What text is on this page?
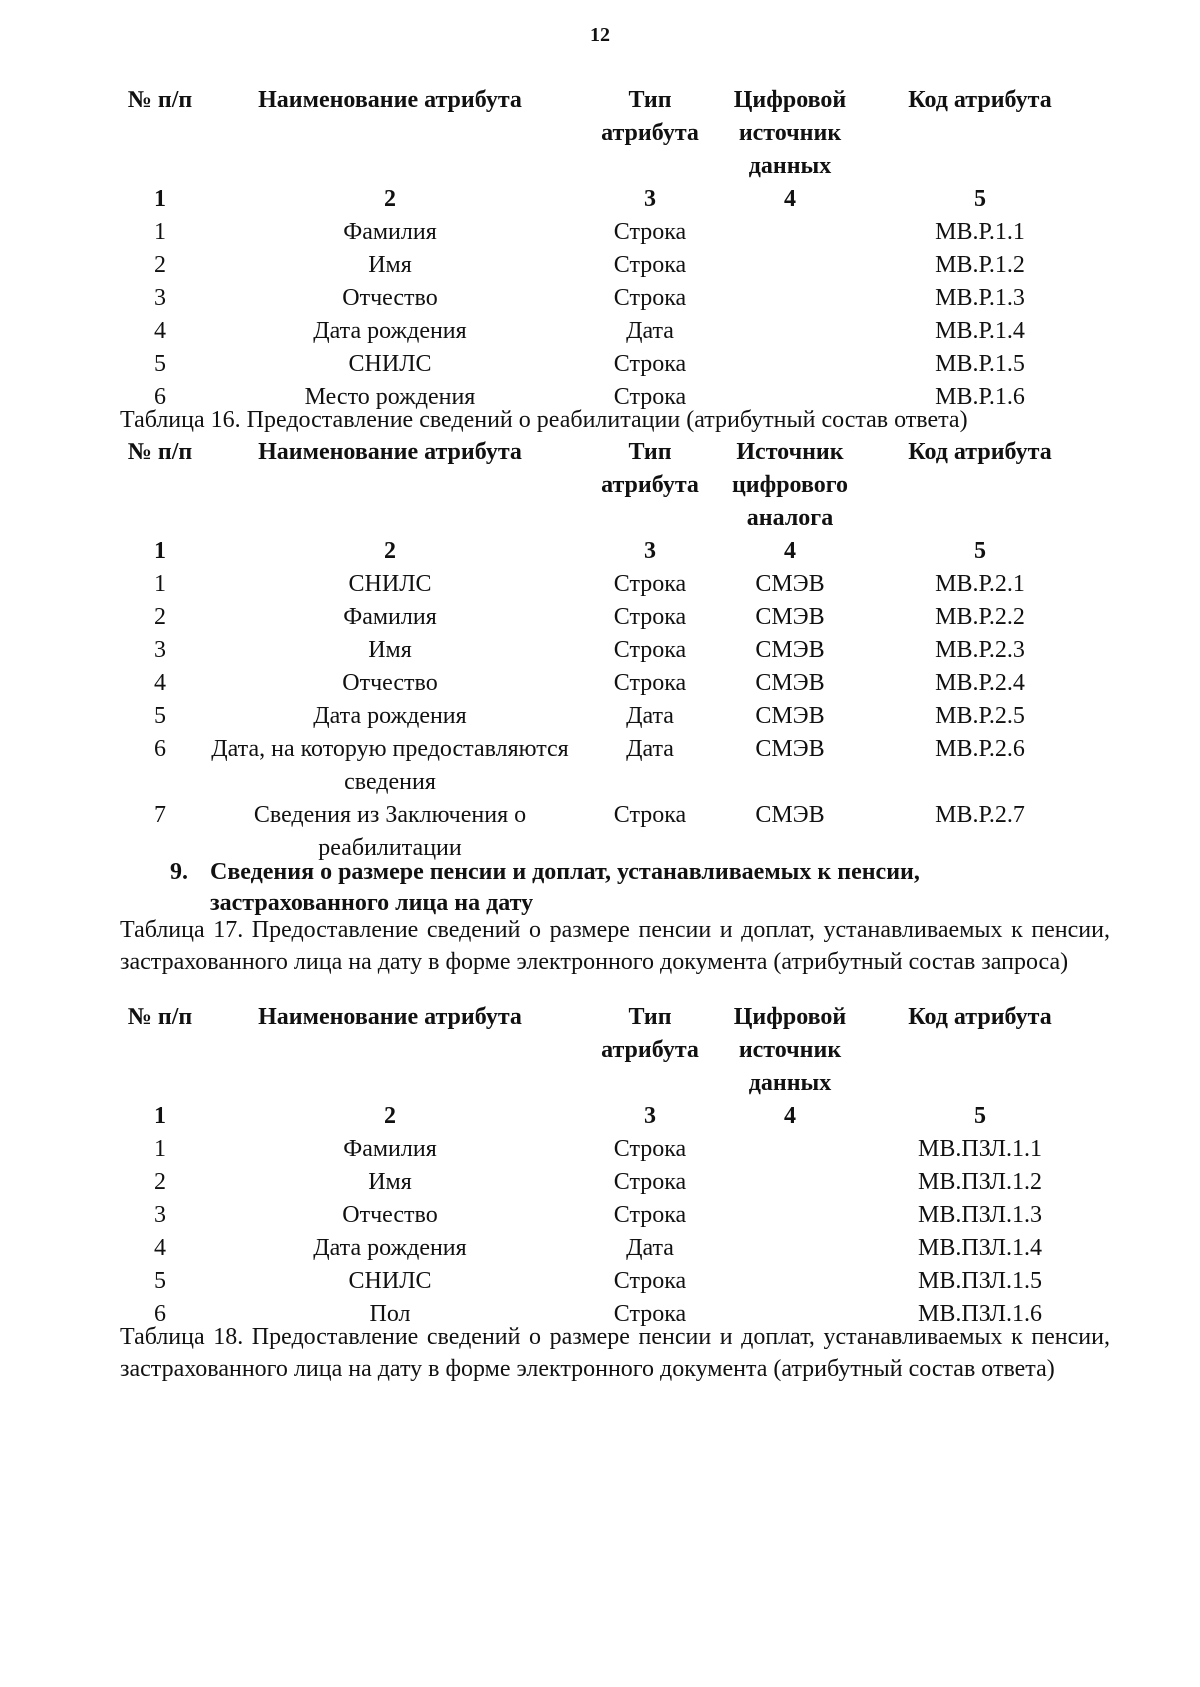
12
№ п/п	Наименование атрибута	Тип атрибута	Цифровой источник данных	Код атрибута
1	2	3	4	5
1	Фамилия	Строка		МВ.Р.1.1
2	Имя	Строка		МВ.Р.1.2
3	Отчество	Строка		МВ.Р.1.3
4	Дата рождения	Дата		МВ.Р.1.4
5	СНИЛС	Строка		МВ.Р.1.5
6	Место рождения	Строка		МВ.Р.1.6

Таблица 16. Предоставление сведений о реабилитации (атрибутный состав ответа)

№ п/п	Наименование атрибута	Тип атрибута	Источник цифрового аналога	Код атрибута
1	2	3	4	5
1	СНИЛС	Строка	СМЭВ	МВ.Р.2.1
2	Фамилия	Строка	СМЭВ	МВ.Р.2.2
3	Имя	Строка	СМЭВ	МВ.Р.2.3
4	Отчество	Строка	СМЭВ	МВ.Р.2.4
5	Дата рождения	Дата	СМЭВ	МВ.Р.2.5
6	Дата, на которую предоставляются сведения	Дата	СМЭВ	МВ.Р.2.6
7	Сведения из Заключения о реабилитации	Строка	СМЭВ	МВ.Р.2.7
9. Сведения о размере пенсии и доплат, устанавливаемых к пенсии, застрахованного лица на дату

Таблица 17. Предоставление сведений о размере пенсии и доплат, устанавливаемых к пенсии, застрахованного лица на дату в форме электронного документа (атрибутный состав запроса)

№ п/п	Наименование атрибута	Тип атрибута	Цифровой источник данных	Код атрибута
1	2	3	4	5
1	Фамилия	Строка		МВ.ПЗЛ.1.1
2	Имя	Строка		МВ.ПЗЛ.1.2
3	Отчество	Строка		МВ.ПЗЛ.1.3
4	Дата рождения	Дата		МВ.ПЗЛ.1.4
5	СНИЛС	Строка		МВ.ПЗЛ.1.5
6	Пол	Строка		МВ.ПЗЛ.1.6

Таблица 18. Предоставление сведений о размере пенсии и доплат, устанавливаемых к пенсии, застрахованного лица на дату в форме электронного документа (атрибутный состав ответа)
